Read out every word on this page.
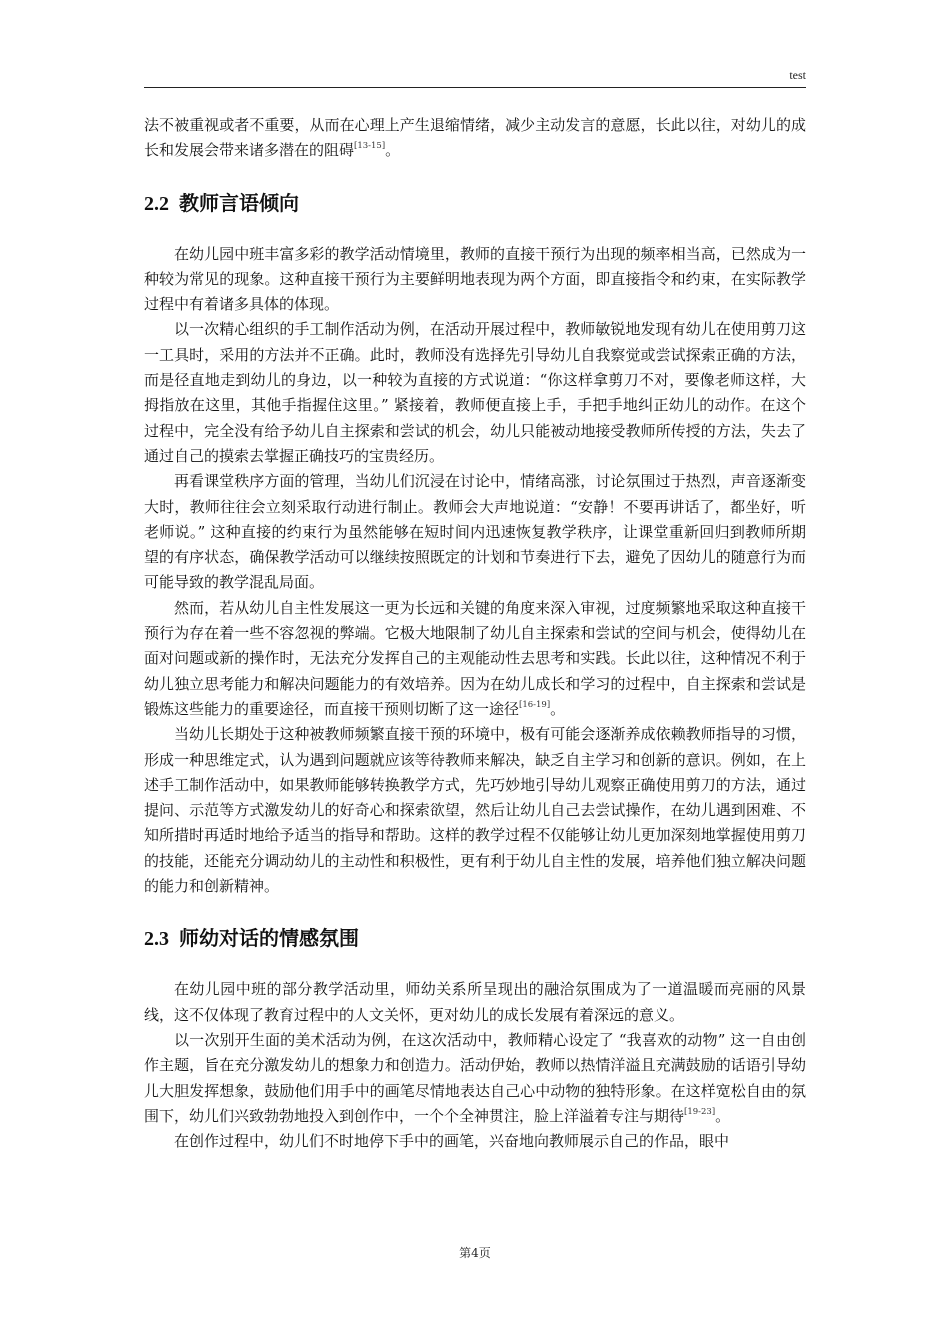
test

法不被重视或者不重要，从而在心理上产生退缩情绪，减少主动发言的意愿，长此以往，对幼儿的成长和发展会带来诸多潜在的阻碍[13-15]。

2.2 教师言语倾向

在幼儿园中班丰富多彩的教学活动情境里，教师的直接干预行为出现的频率相当高，已然成为一种较为常见的现象。这种直接干预行为主要鲜明地表现为两个方面，即直接指令和约束，在实际教学过程中有着诸多具体的体现。

以一次精心组织的手工制作活动为例，在活动开展过程中，教师敏锐地发现有幼儿在使用剪刀这一工具时，采用的方法并不正确。此时，教师没有选择先引导幼儿自我察觉或尝试探索正确的方法，而是径直地走到幼儿的身边，以一种较为直接的方式说道：“你这样拿剪刀不对，要像老师这样，大拇指放在这里，其他手指握住这里。” 紧接着，教师便直接上手，手把手地纠正幼儿的动作。在这个过程中，完全没有给予幼儿自主探索和尝试的机会，幼儿只能被动地接受教师所传授的方法，失去了通过自己的摸索去掌握正确技巧的宝贵经历。

再看课堂秩序方面的管理，当幼儿们沉浸在讨论中，情绪高涨，讨论氛围过于热烈，声音逐渐变大时，教师往往会立刻采取行动进行制止。教师会大声地说道：“安静！不要再讲话了，都坐好，听老师说。” 这种直接的约束行为虽然能够在短时间内迅速恢复教学秩序，让课堂重新回归到教师所期望的有序状态，确保教学活动可以继续按照既定的计划和节奏进行下去，避免了因幼儿的随意行为而可能导致的教学混乱局面。

然而，若从幼儿自主性发展这一更为长远和关键的角度来深入审视，过度频繁地采取这种直接干预行为存在着一些不容忽视的弊端。它极大地限制了幼儿自主探索和尝试的空间与机会，使得幼儿在面对问题或新的操作时，无法充分发挥自己的主观能动性去思考和实践。长此以往，这种情况不利于幼儿独立思考能力和解决问题能力的有效培养。因为在幼儿成长和学习的过程中，自主探索和尝试是锻炼这些能力的重要途径，而直接干预则切断了这一途径[16-19]。

当幼儿长期处于这种被教师频繁直接干预的环境中，极有可能会逐渐养成依赖教师指导的习惯，形成一种思维定式，认为遇到问题就应该等待教师来解决，缺乏自主学习和创新的意识。例如，在上述手工制作活动中，如果教师能够转换教学方式，先巧妙地引导幼儿观察正确使用剪刀的方法，通过提问、示范等方式激发幼儿的好奇心和探索欲望，然后让幼儿自己去尝试操作，在幼儿遇到困难、不知所措时再适时地给予适当的指导和帮助。这样的教学过程不仅能够让幼儿更加深刻地掌握使用剪刀的技能，还能充分调动幼儿的主动性和积极性，更有利于幼儿自主性的发展，培养他们独立解决问题的能力和创新精神。

2.3 师幼对话的情感氛围

在幼儿园中班的部分教学活动里，师幼关系所呈现出的融洽氛围成为了一道温暖而亮丽的风景线，这不仅体现了教育过程中的人文关怀，更对幼儿的成长发展有着深远的意义。

以一次别开生面的美术活动为例，在这次活动中，教师精心设定了 “我喜欢的动物” 这一自由创作主题，旨在充分激发幼儿的想象力和创造力。活动伊始，教师以热情洋溢且充满鼓励的话语引导幼儿大胆发挥想象，鼓励他们用手中的画笔尽情地表达自己心中动物的独特形象。在这样宽松自由的氛围下，幼儿们兴致勃勃地投入到创作中，一个个全神贯注，脸上洋溢着专注与期待[19-23]。

在创作过程中，幼儿们不时地停下手中的画笔，兴奋地向教师展示自己的作品，眼中

第4页
